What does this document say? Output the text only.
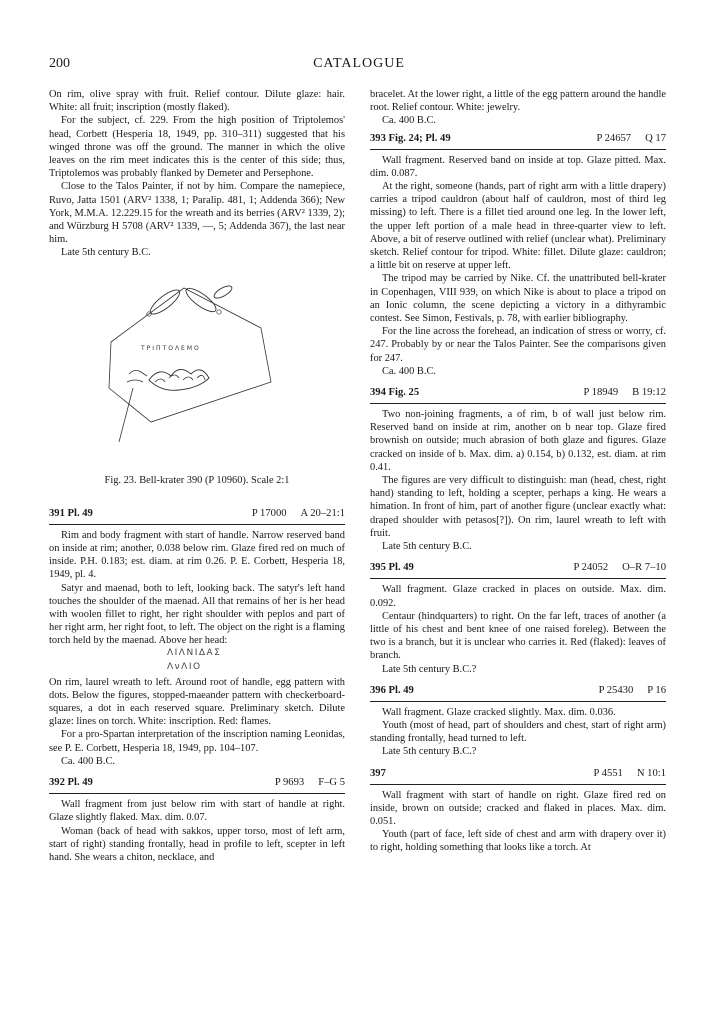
200	CATALOGUE

On rim, olive spray with fruit. Relief contour. Dilute glaze: hair. White: all fruit; inscription (mostly flaked).

For the subject, cf. 229. From the high position of Triptolemos' head, Corbett (Hesperia 18, 1949, pp. 310–311) suggested that his winged throne was off the ground. The manner in which the olive leaves on the rim meet indicates this is the center of this side; thus, Triptolemos was probably flanked by Demeter and Persephone.

Close to the Talos Painter, if not by him. Compare the namepiece, Ruvo, Jatta 1501 (ARV² 1338, 1; Paralip. 481, 1; Addenda 366); New York, M.M.A. 12.229.15 for the wreath and its berries (ARV² 1339, 2); and Würzburg H 5708 (ARV² 1339, —, 5; Addenda 367), the last near him.

Late 5th century B.C.

ΤΡΙΠΤΟΛΕΜΟ
Fig. 23. Bell-krater 390 (P 10960). Scale 2:1
391 Pl. 49	P 17000 A 20–21:1

Rim and body fragment with start of handle. Narrow reserved band on inside at rim; another, 0.038 below rim. Glaze fired red on much of inside. P.H. 0.183; est. diam. at rim 0.26. P. E. Corbett, Hesperia 18, 1949, pl. 4.

Satyr and maenad, both to left, looking back. The satyr's left hand touches the shoulder of the maenad. All that remains of her is her head with woolen fillet to right, her right shoulder with peplos and part of her right arm, her right foot, to left. The object on the right is a flaming torch held by the maenad. Above her head:

ΛΙΛΝΙΔΑΣ
ΛνΛΙΟ

On rim, laurel wreath to left. Around root of handle, egg pattern with dots. Below the figures, stopped-maeander pattern with checkerboard-squares, a dot in each reserved square. Preliminary sketch. Dilute glaze: lines on torch. White: inscription. Red: flames.

For a pro-Spartan interpretation of the inscription naming Leonidas, see P. E. Corbett, Hesperia 18, 1949, pp. 104–107.

Ca. 400 B.C.

392 Pl. 49	P 9693 F–G 5

Wall fragment from just below rim with start of handle at right. Glaze slightly flaked. Max. dim. 0.07.

Woman (back of head with sakkos, upper torso, most of left arm, start of right) standing frontally, head in profile to left, scepter in left hand. She wears a chiton, necklace, and

bracelet. At the lower right, a little of the egg pattern around the handle root. Relief contour. White: jewelry.

Ca. 400 B.C.

393 Fig. 24; Pl. 49	P 24657 Q 17

Wall fragment. Reserved band on inside at top. Glaze pitted. Max. dim. 0.087.

At the right, someone (hands, part of right arm with a little drapery) carries a tripod cauldron (about half of cauldron, most of third leg missing) to left. There is a fillet tied around one leg. In the lower left, the upper left portion of a male head in three-quarter view to left. Above, a bit of reserve outlined with relief (unclear what). Preliminary sketch. Relief contour for tripod. White: fillet. Dilute glaze: cauldron; a little bit on reserve at upper left.

The tripod may be carried by Nike. Cf. the unattributed bell-krater in Copenhagen, VIII 939, on which Nike is about to place a tripod on an Ionic column, the scene depicting a victory in a dithyrambic contest. See Simon, Festivals, p. 78, with earlier bibliography.

For the line across the forehead, an indication of stress or worry, cf. 247. Probably by or near the Talos Painter. See the comparisons given for 247.

Ca. 400 B.C.

394 Fig. 25	P 18949 B 19:12

Two non-joining fragments, a of rim, b of wall just below rim. Reserved band on inside at rim, another on b near top. Glaze fired brownish on outside; much abrasion of both glaze and figures. Glaze cracked on inside of b. Max. dim. a) 0.154, b) 0.132, est. diam. at rim 0.41.

The figures are very difficult to distinguish: man (head, chest, right hand) standing to left, holding a scepter, perhaps a king. He wears a himation. In front of him, part of another figure (unclear exactly what: draped shoulder with petasos[?]). On rim, laurel wreath to left with fruit.

Late 5th century B.C.

395 Pl. 49	P 24052 O–R 7–10

Wall fragment. Glaze cracked in places on outside. Max. dim. 0.092.

Centaur (hindquarters) to right. On the far left, traces of another (a little of his chest and bent knee of one raised foreleg). Between the two is a branch, but it is unclear who carries it. Red (flaked): leaves of branch.

Late 5th century B.C.?

396 Pl. 49	P 25430 P 16

Wall fragment. Glaze cracked slightly. Max. dim. 0.036.

Youth (most of head, part of shoulders and chest, start of right arm) standing frontally, head turned to left.

Late 5th century B.C.?

397	P 4551 N 10:1

Wall fragment with start of handle on right. Glaze fired red on inside, brown on outside; cracked and flaked in places. Max. dim. 0.051.

Youth (part of face, left side of chest and arm with drapery over it) to right, holding something that looks like a torch. At
